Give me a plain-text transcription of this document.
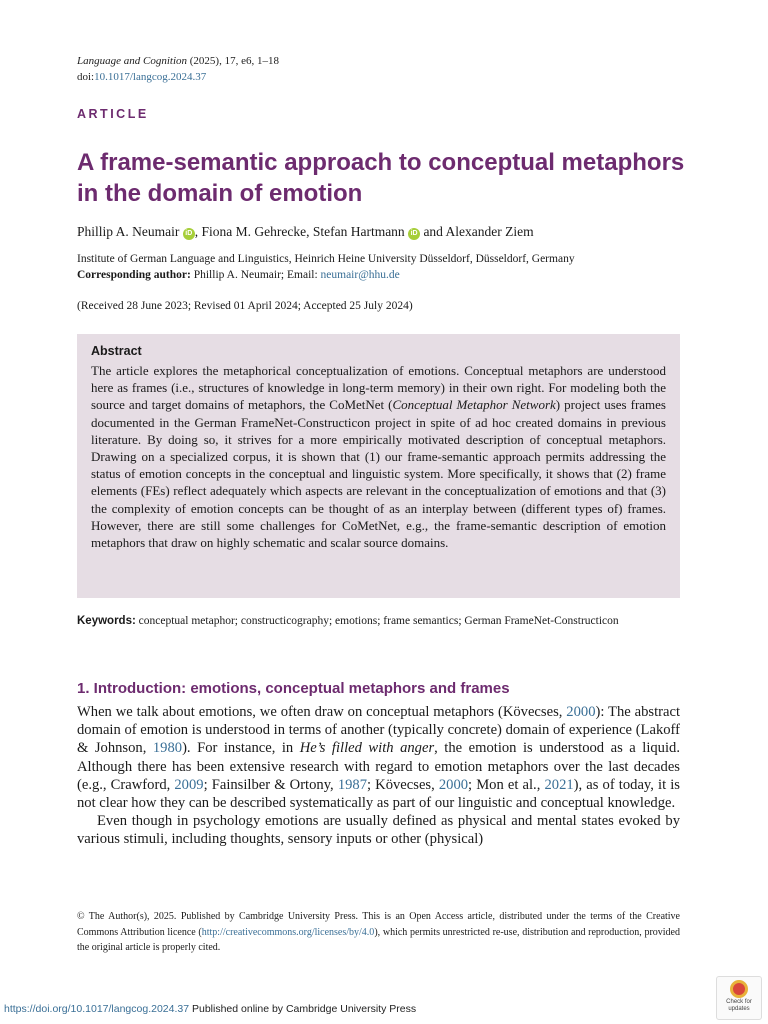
Language and Cognition (2025), 17, e6, 1–18
doi:10.1017/langcog.2024.37
ARTICLE
A frame-semantic approach to conceptual metaphors in the domain of emotion
Phillip A. Neumair iD , Fiona M. Gehrecke, Stefan Hartmann iD and Alexander Ziem
Institute of German Language and Linguistics, Heinrich Heine University Düsseldorf, Düsseldorf, Germany
Corresponding author: Phillip A. Neumair; Email: neumair@hhu.de
(Received 28 June 2023; Revised 01 April 2024; Accepted 25 July 2024)
Abstract
The article explores the metaphorical conceptualization of emotions. Conceptual metaphors are understood here as frames (i.e., structures of knowledge in long-term memory) in their own right. For modeling both the source and target domains of metaphors, the CoMetNet (Conceptual Metaphor Network) project uses frames documented in the German FrameNet-Constructicon project in spite of ad hoc created domains in previous literature. By doing so, it strives for a more empirically motivated description of conceptual metaphors. Drawing on a specialized corpus, it is shown that (1) our frame-semantic approach permits addressing the status of emotion concepts in the conceptual and linguistic system. More specifically, it shows that (2) frame elements (FEs) reflect adequately which aspects are relevant in the conceptualization of emotions and that (3) the complexity of emotion concepts can be thought of as an interplay between (different types of) frames. However, there are still some challenges for CoMetNet, e.g., the frame-semantic description of emotion metaphors that draw on highly schematic and scalar source domains.
Keywords: conceptual metaphor; constructicography; emotions; frame semantics; German FrameNet-Constructicon
1. Introduction: emotions, conceptual metaphors and frames

When we talk about emotions, we often draw on conceptual metaphors (Kövecses, 2000): The abstract domain of emotion is understood in terms of another (typically concrete) domain of experience (Lakoff & Johnson, 1980). For instance, in He’s filled with anger, the emotion is understood as a liquid. Although there has been extensive research with regard to emotion metaphors over the last decades (e.g., Crawford, 2009; Fainsilber & Ortony, 1987; Kövecses, 2000; Mon et al., 2021), as of today, it is not clear how they can be described systematically as part of our linguistic and conceptual knowledge.

Even though in psychology emotions are usually defined as physical and mental states evoked by various stimuli, including thoughts, sensory inputs or other (physical)

© The Author(s), 2025. Published by Cambridge University Press. This is an Open Access article, distributed under the terms of the Creative Commons Attribution licence (http://creativecommons.org/licenses/by/4.0), which permits unrestricted re-use, distribution and reproduction, provided the original article is properly cited.
https://doi.org/10.1017/langcog.2024.37 Published online by Cambridge University Press
Check for
updates
